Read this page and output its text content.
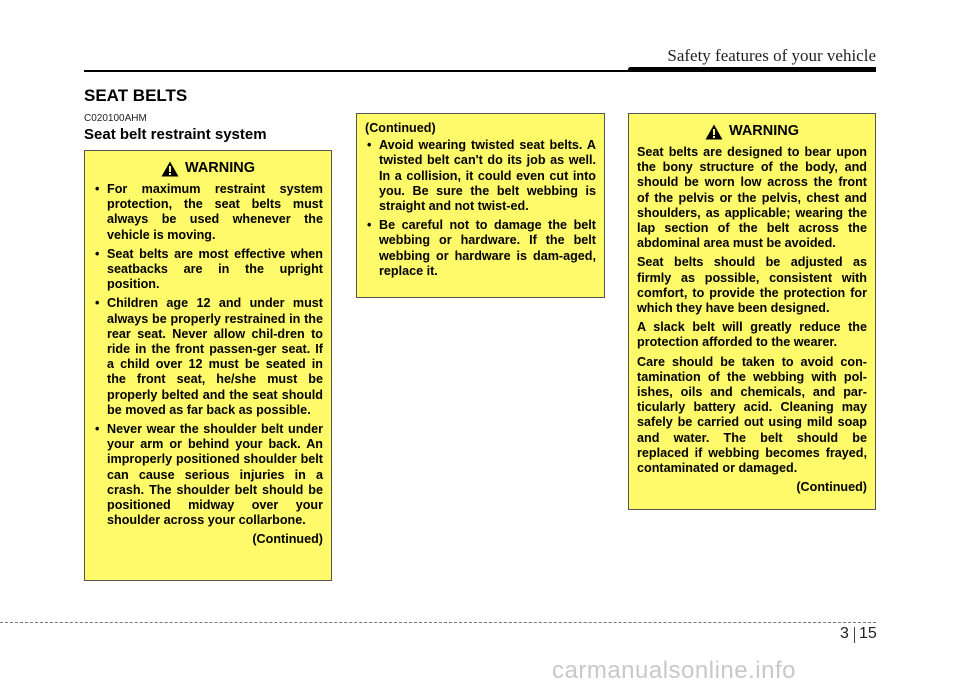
Safety features of your vehicle
SEAT BELTS
C020100AHM
Seat belt restraint system
WARNING
• For maximum restraint system protection, the seat belts must always be used whenever the vehicle is moving.
• Seat belts are most effective when seatbacks are in the upright position.
• Children age 12 and under must always be properly restrained in the rear seat. Never allow chil-dren to ride in the front passen-ger seat. If a child over 12 must be seated in the front seat, he/she must be properly belted and the seat should be moved as far back as possible.
• Never wear the shoulder belt under your arm or behind your back. An improperly positioned shoulder belt can cause serious injuries in a crash. The shoulder belt should be positioned midway over your shoulder across your collarbone.
(Continued)
(Continued)
• Avoid wearing twisted seat belts. A twisted belt can't do its job as well. In a collision, it could even cut into you. Be sure the belt webbing is straight and not twist-ed.
• Be careful not to damage the belt webbing or hardware. If the belt webbing or hardware is dam-aged, replace it.
WARNING
Seat belts are designed to bear upon the bony structure of the body, and should be worn low across the front of the pelvis or the pelvis, chest and shoulders, as applicable; wearing the lap section of the belt across the abdominal area must be avoided.
Seat belts should be adjusted as firmly as possible, consistent with comfort, to provide the protection for which they have been designed.
A slack belt will greatly reduce the protection afforded to the wearer.
Care should be taken to avoid con-tamination of the webbing with pol-ishes, oils and chemicals, and par-ticularly battery acid. Cleaning may safely be carried out using mild soap and water. The belt should be replaced if webbing becomes frayed, contaminated or damaged.
(Continued)
3 15
carmanualsonline.info
